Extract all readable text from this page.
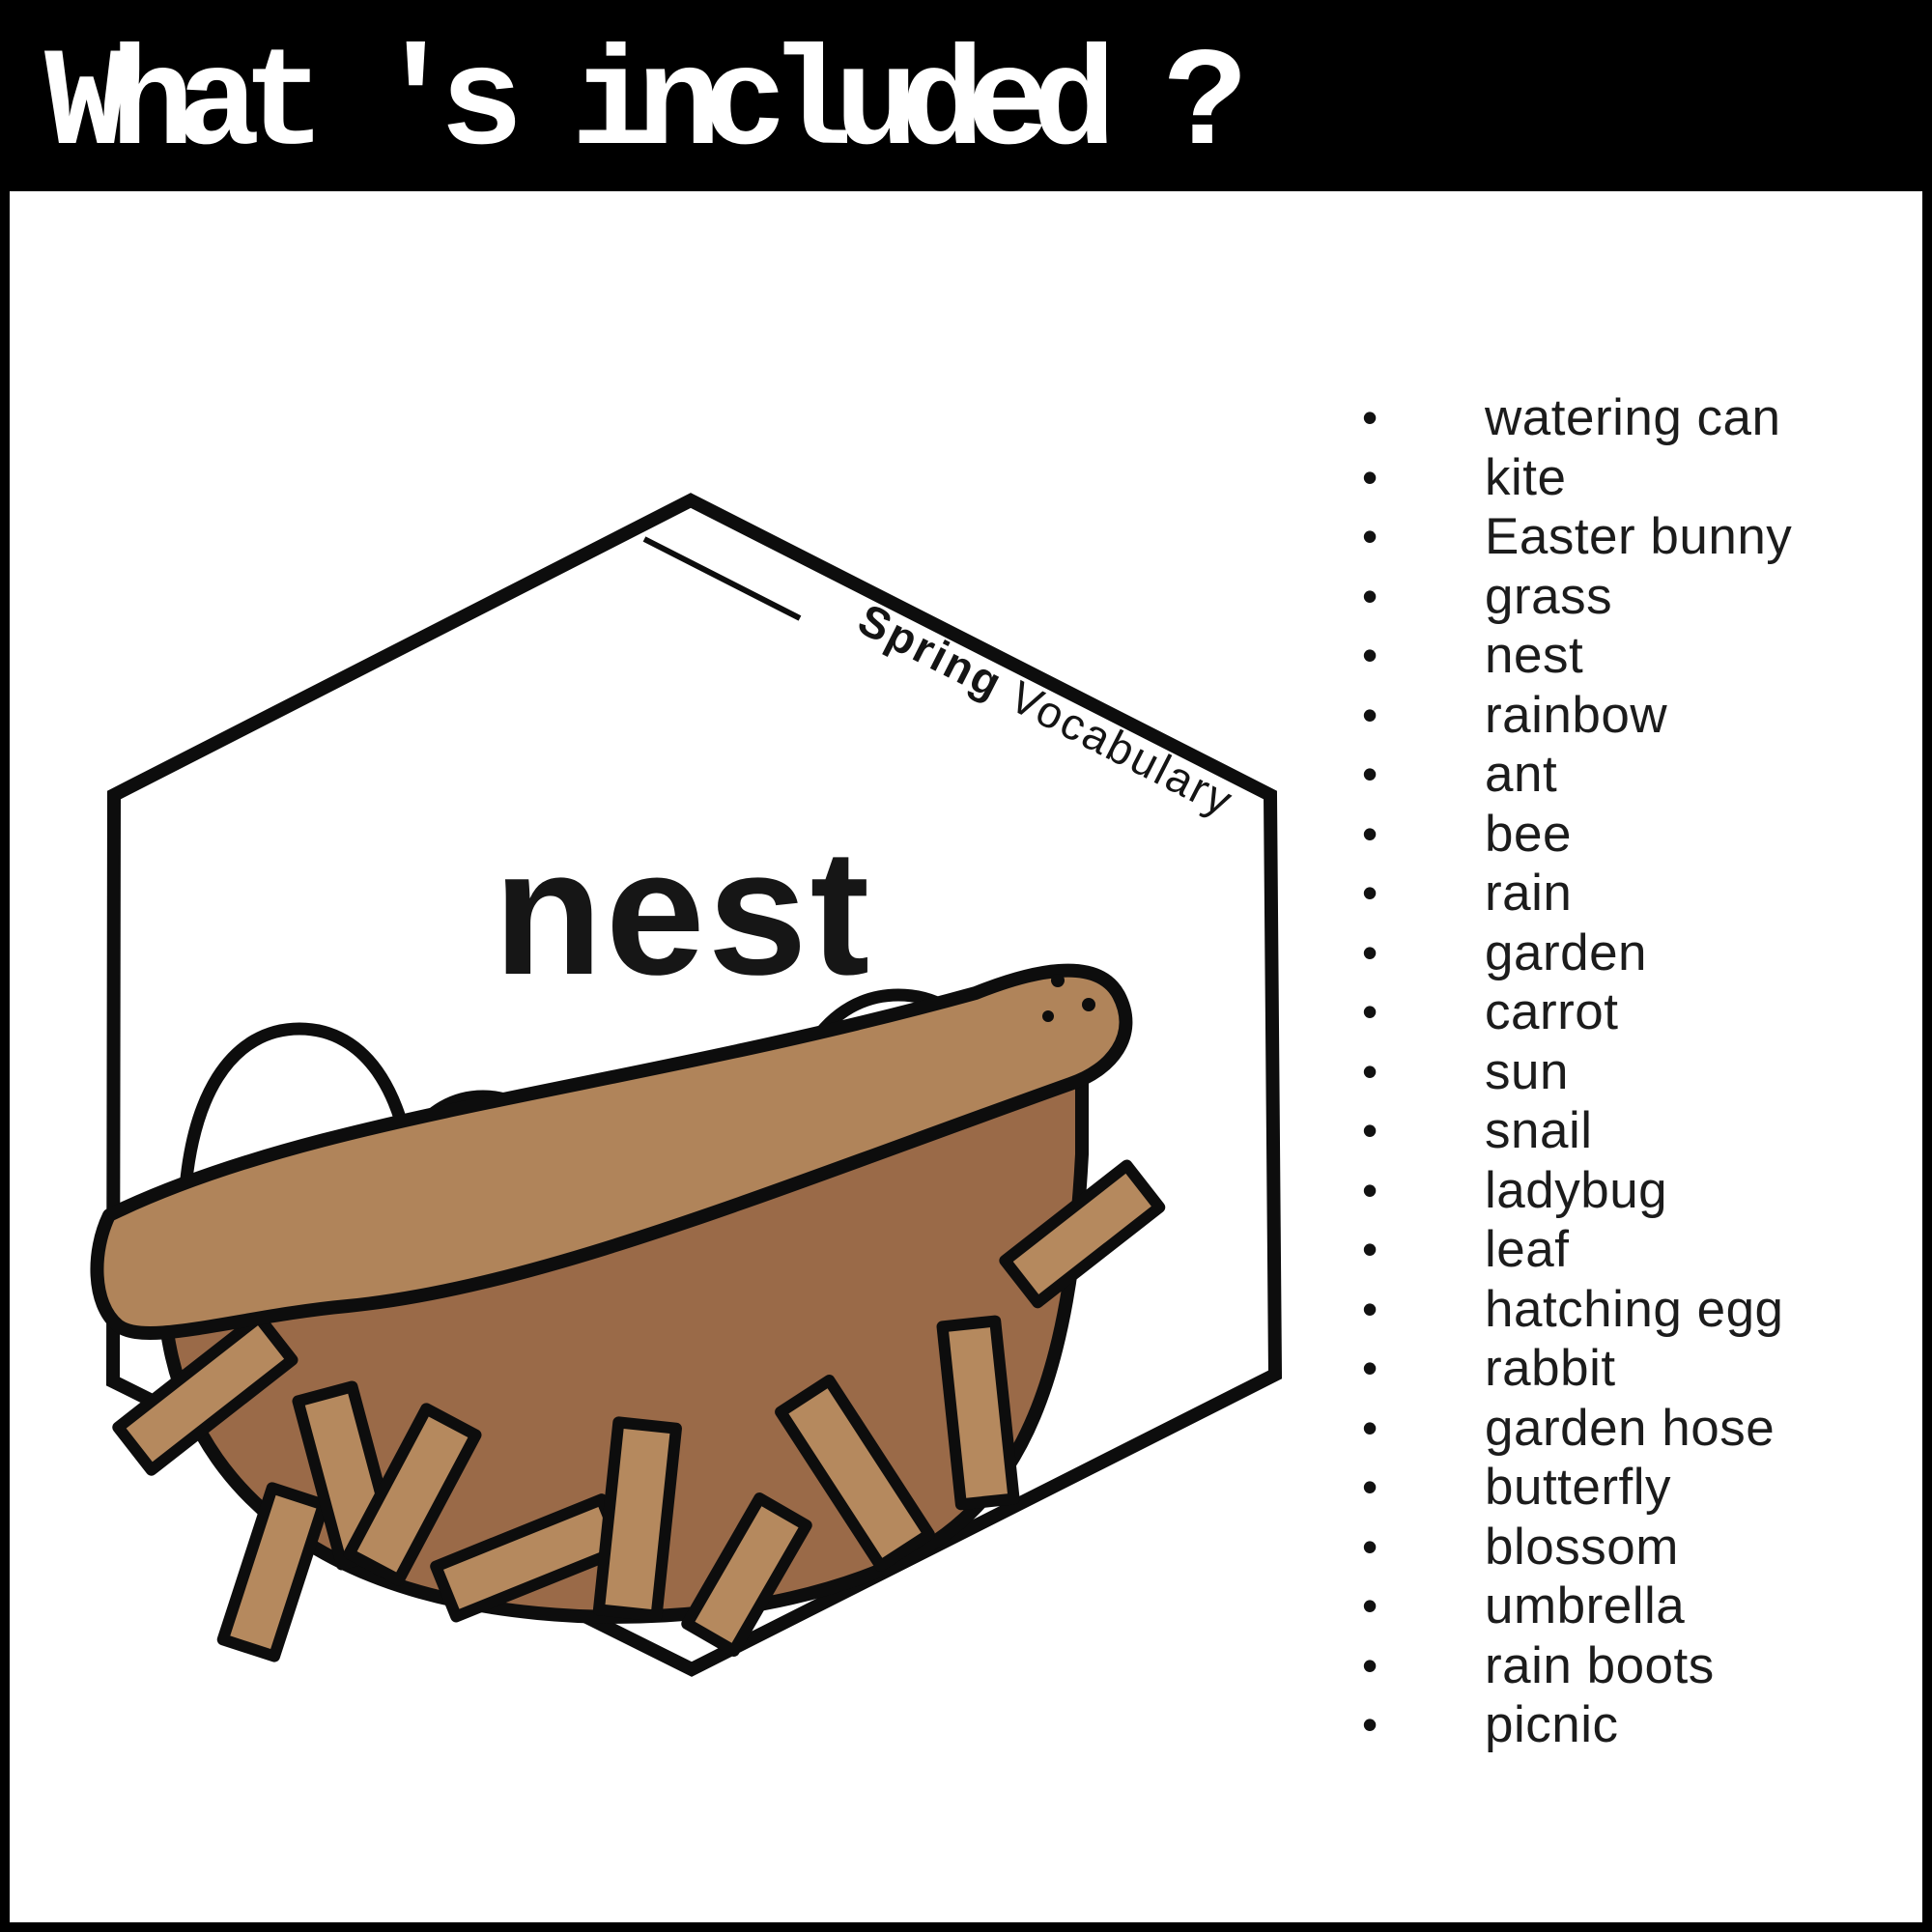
What 's included ?
Spring Vocabulary
nest
• watering can
• kite
• Easter bunny
• grass
• nest
• rainbow
• ant
• bee
• rain
• garden
• carrot
• sun
• snail
• ladybug
• leaf
• hatching egg
• rabbit
• garden hose
• butterfly
• blossom
• umbrella
• rain boots
• picnic
